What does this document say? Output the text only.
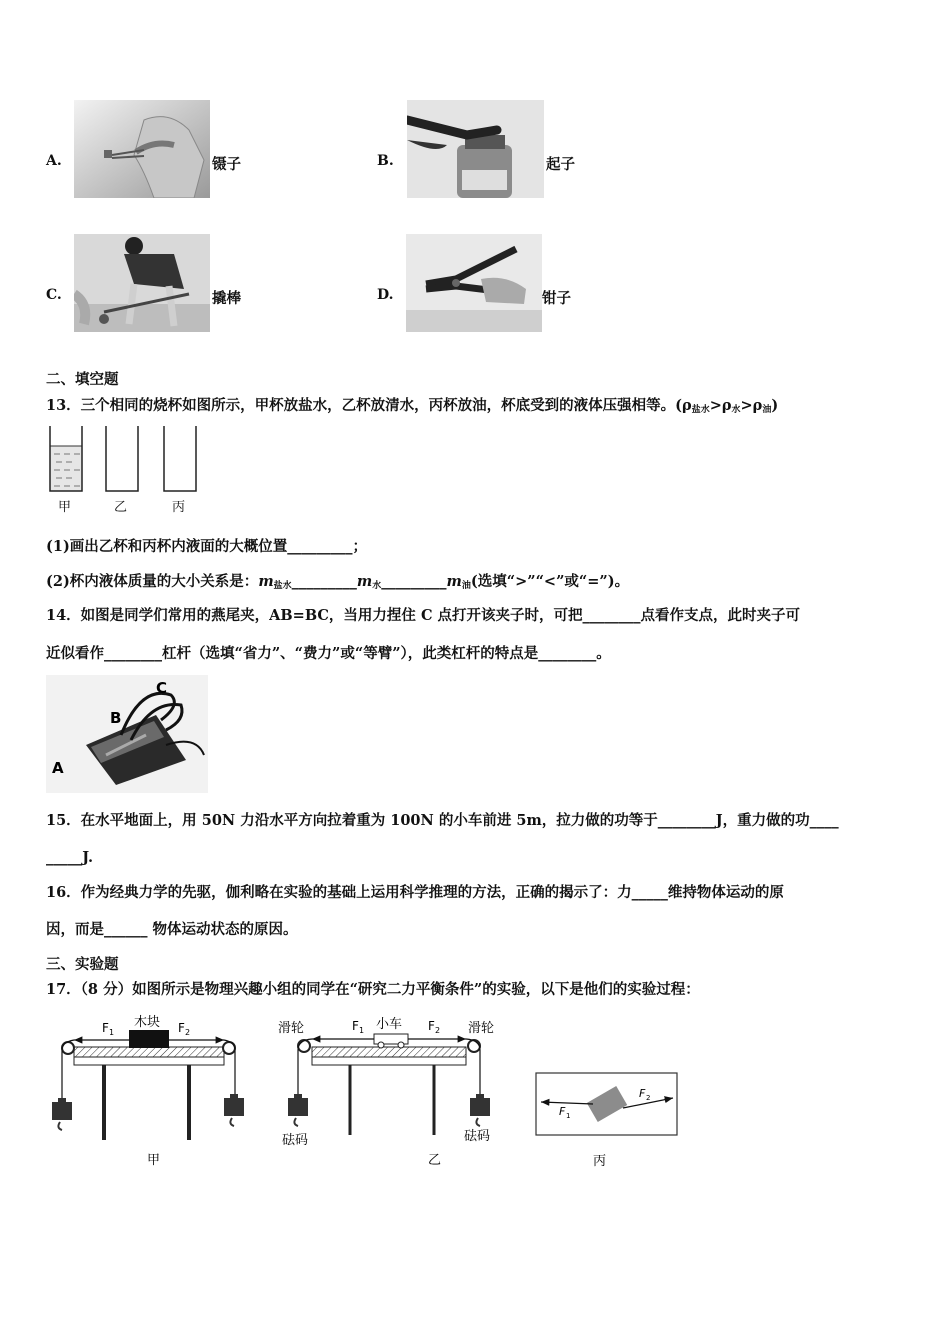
A.	镊子	B.	起子
C.	撬棒	D.	钳子
二、填空题
13．三个相同的烧杯如图所示，甲杯放盐水，乙杯放清水，丙杯放油，杯底受到的液体压强相等。$(\rho_{盐水}>\rho_水>\rho_油)$
甲	乙	丙
(1)画出乙杯和丙杯内液面的大概位置_________；
(2)杯内液体质量的大小关系是：$m_{盐水}\_\_\_\_\_\_\_\_\_m_水\_\_\_\_\_\_\_\_\_m_油$(选填“>”“<”或“=”)。
14．如图是同学们常用的燕尾夹，AB=BC，当用力捏住 C 点打开该夹子时，可把________点看作支点，此时夹子可
近似看作________杠杆（选填“省力”、“费力”或“等臂”），此类杠杆的特点是________。
A
B
C
15．在水平地面上，用 50N 力沿水平方向拉着重为 100N 的小车前进 5m，拉力做的功等于________J，重力做的功____
_____J.
16．作为经典力学的先驱，伽利略在实验的基础上运用科学推理的方法，正确的揭示了：力_____维持物体运动的原
因，而是______ 物体运动状态的原因。
三、实验题
17．（8 分）如图所示是物理兴趣小组的同学在“研究二力平衡条件”的实验，以下是他们的实验过程：
F 1
木块 F 2
甲
滑轮	F 1 小车 F 2 滑轮
砝码	砝码
乙
F 1
F 2
丙
